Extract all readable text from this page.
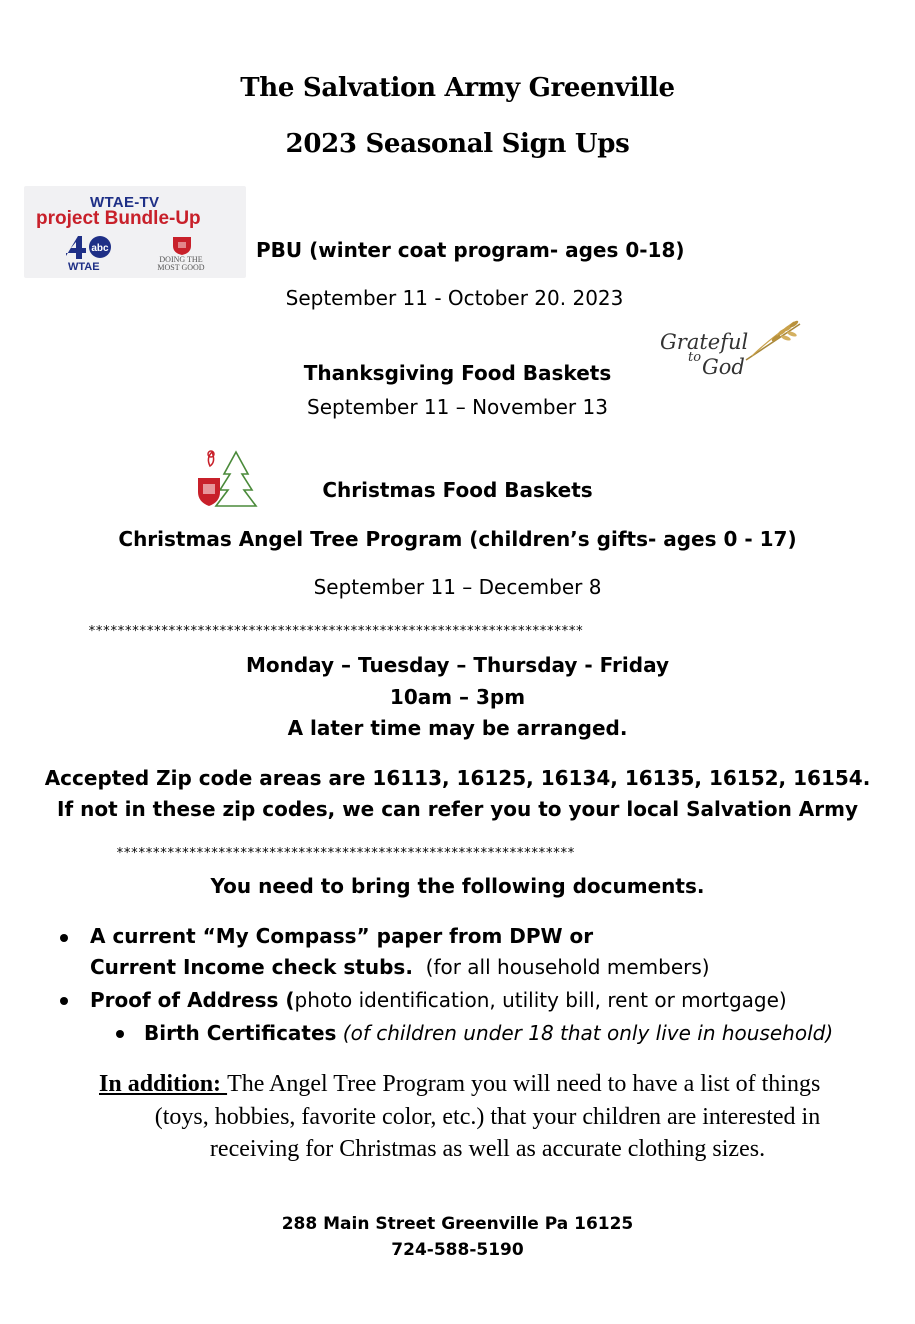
The Salvation Army Greenville
2023 Seasonal Sign Ups
WTAE-TV
project Bundle-Up
abc
WTAE
DOING THE MOST GOOD
PBU (winter coat program- ages 0-18)
September 11 - October 20. 2023
Grateful
to God
Thanksgiving Food Baskets
September 11 – November 13
Christmas Food Baskets
Christmas Angel Tree Program (children’s gifts- ages 0 - 17)
September 11 – December 8
********************************************************************
Monday – Tuesday – Thursday - Friday
10am – 3pm
A later time may be arranged.
Accepted Zip code areas are 16113, 16125, 16134, 16135, 16152, 16154.
If not in these zip codes, we can refer you to your local Salvation Army
***************************************************************
You need to bring the following documents.
A current “My Compass” paper from DPW or
Current Income check stubs.  (for all household members)
Proof of Address (photo identification, utility bill, rent or mortgage)
Birth Certificates (of children under 18 that only live in household)
In addition: The Angel Tree Program you will need to have a list of things
(toys, hobbies, favorite color, etc.) that your children are interested in
receiving for Christmas as well as accurate clothing sizes.
288 Main Street Greenville Pa 16125
724-588-5190
